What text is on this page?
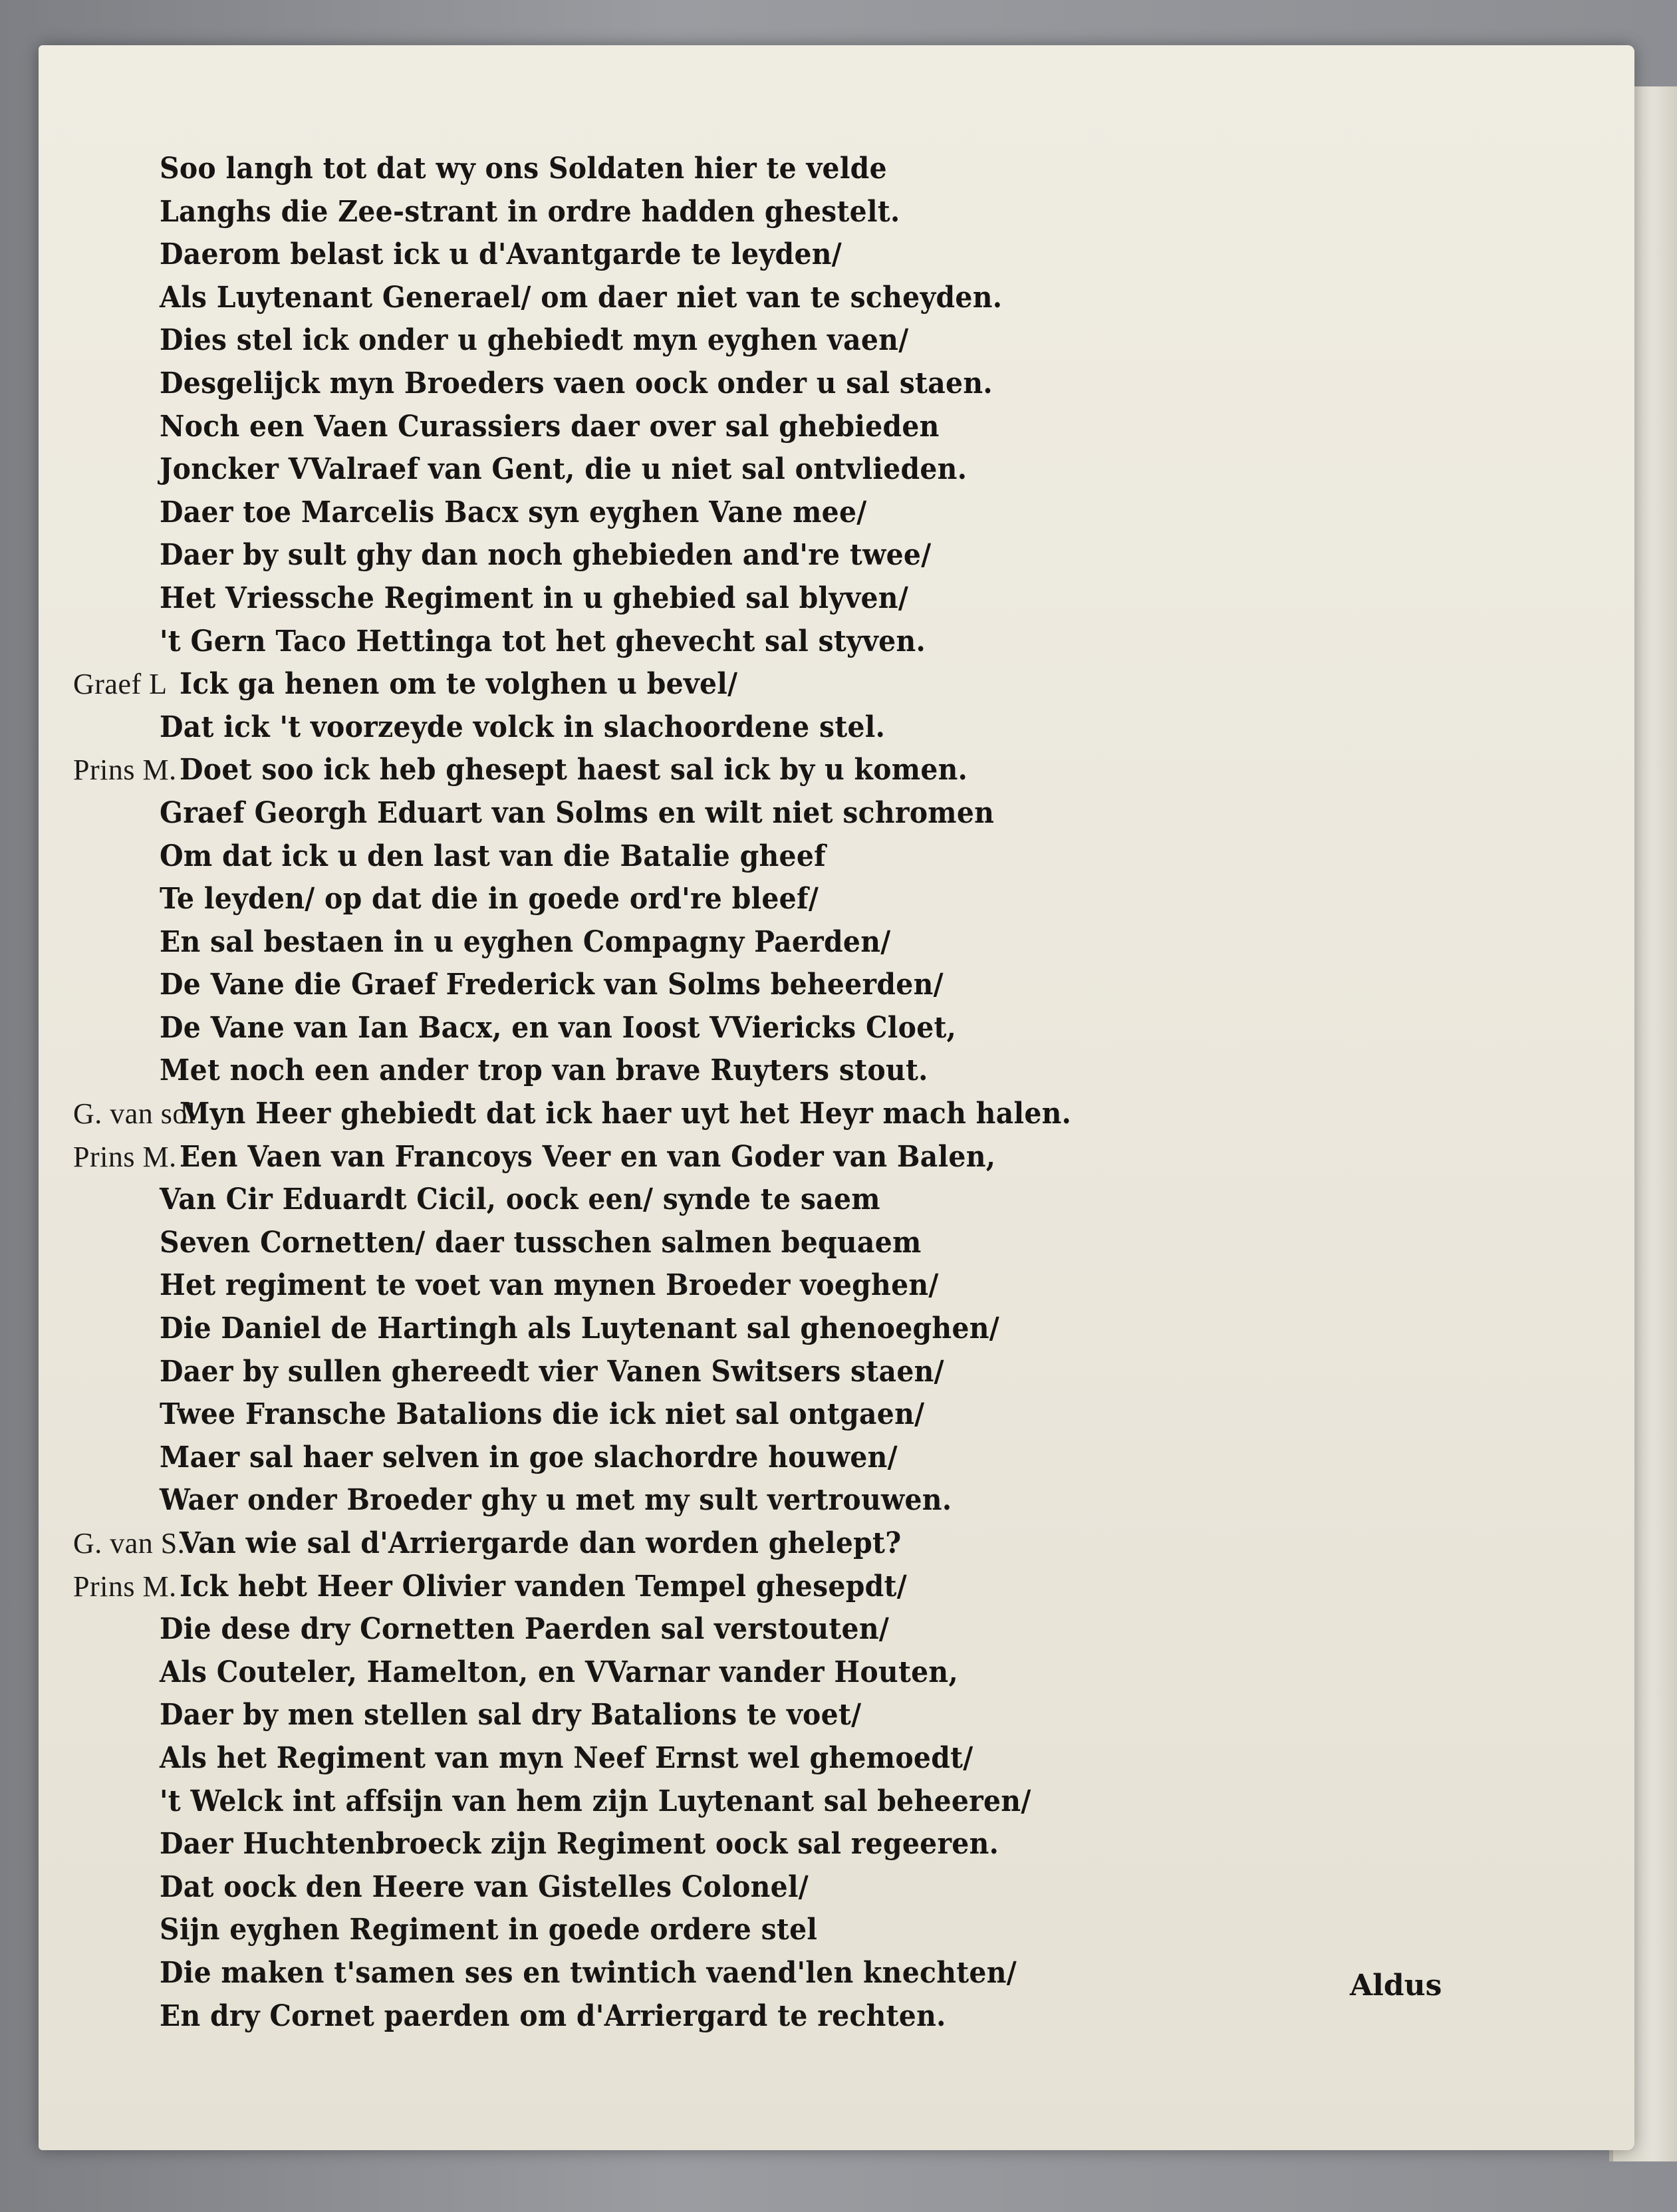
Soo langh tot dat wy ons Soldaten hier te velde
Langhs die Zee-strant in ordre hadden ghestelt.
Daerom belast ick u d'Avantgarde te leyden/
Als Luytenant Generael/ om daer niet van te scheyden.
Dies stel ick onder u ghebiedt myn eyghen vaen/
Desgelijck myn Broeders vaen oock onder u sal staen.
Noch een Vaen Curassiers daer over sal ghebieden
Joncker VValraef van Gent, die u niet sal ontvlieden.
Daer toe Marcelis Bacx syn eyghen Vane mee/
Daer by sult ghy dan noch ghebieden and're twee/
Het Vriessche Regiment in u ghebied sal blyven/
't Gern Taco Hettinga tot het ghevecht sal styven.
Graef L Ick ga henen om te volghen u bevel/
Dat ick 't voorzeyde volck in slachoordene stel.
Prins M. Doet soo ick heb ghesept haest sal ick by u komen.
Graef Georgh Eduart van Solms en wilt niet schromen
Om dat ick u den last van die Batalie gheef
Te leyden/ op dat die in goede ord're bleef/
En sal bestaen in u eyghen Compagny Paerden/
De Vane die Graef Frederick van Solms beheerden/
De Vane van Ian Bacx, en van Ioost VViericks Cloet,
Met noch een ander trop van brave Ruyters stout.
G. van sol
Myn Heer ghebiedt dat ick haer uyt het Heyr mach halen.
Prins M. Een Vaen van Francoys Veer en van Goder van Balen,
Van Cir Eduardt Cicil, oock een/ synde te saem
Seven Cornetten/ daer tusschen salmen bequaem
Het regiment te voet van mynen Broeder voeghen/
Die Daniel de Hartingh als Luytenant sal ghenoeghen/
Daer by sullen ghereedt vier Vanen Switsers staen/
Twee Fransche Batalions die ick niet sal ontgaen/
Maer sal haer selven in goe slachordre houwen/
Waer onder Broeder ghy u met my sult vertrouwen.
G. van S.
Van wie sal d'Arriergarde dan worden ghelept?
Prins M. Ick hebt Heer Olivier vanden Tempel ghesepdt/
Die dese dry Cornetten Paerden sal verstouten/
Als Couteler, Hamelton, en VVarnar vander Houten,
Daer by men stellen sal dry Batalions te voet/
Als het Regiment van myn Neef Ernst wel ghemoedt/
't Welck int affsijn van hem zijn Luytenant sal beheeren/
Daer Huchtenbroeck zijn Regiment oock sal regeeren.
Dat oock den Heere van Gistelles Colonel/
Sijn eyghen Regiment in goede ordere stel
Die maken t'samen ses en twintich vaend'len knechten/
En dry Cornet paerden om d'Arriergard te rechten.
Aldus
